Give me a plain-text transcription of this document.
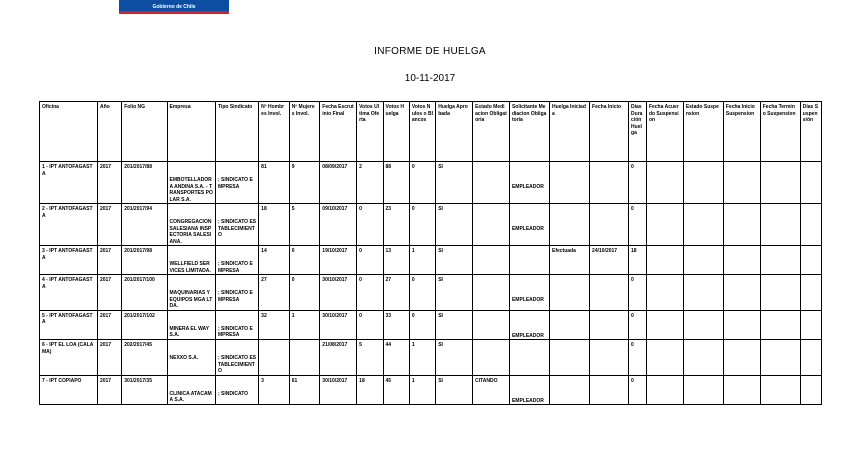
Gobierno de Chile
INFORME DE HUELGA
10-11-2017
Oficina	Año	Folio NG	Empresa	Tipo Sindicato	Nº Hombres Invol.	Nº Mujeres Invol.	Fecha Escrutinio Final	Votos Ultima Oferta	Votos Huelga	Votos Nulos o Blancos	Huelga Aprobada	Estado Mediacion Obligatoria	Solicitante Mediacion Obligatoria	Huelga Iniciada	Fecha Inicio	Días Duración Huelga	Fecha Acuerdo Suspension	Estado Suspension	Fecha Inicio Suspension	Fecha Termino Suspension	Días Suspensión

1 - IPT ANTOFAGASTA	2017	201/2017/88	EMBOTELLADORA ANDINA S.A. - TRANSPORTES POLAR S.A.	; SINDICATO EMPRESA	81	9	08/09/2017	2	88	0	SI		EMPLEADOR			0					

2 - IPT ANTOFAGASTA	2017	201/2017/94	CONGREGACION SALESIANA INSPECTORIA SALESIANA.	; SINDICATO ESTABLECIMIENTO	18	5	09/10/2017	0	23	0	SI		EMPLEADOR			0					

3 - IPT ANTOFAGASTA	2017	201/2017/98	WELLFIELD SERVICES LIMITADA.	; SINDICATO EMPRESA	14	0	19/10/2017	0	13	1	SI			Efectuada	24/10/2017	18					

4 - IPT ANTOFAGASTA	2017	201/2017/100	MAQUINARIAS Y EQUIPOS MGA LTDA.	; SINDICATO EMPRESA	27	0	30/10/2017	0	27	0	SI		EMPLEADOR			0					

5 - IPT ANTOFAGASTA	2017	201/2017/102	MINERA EL WAY S.A.	; SINDICATO EMPRESA	32	1	30/10/2017	0	33	0	SI		EMPLEADOR			0					

6 - IPT EL LOA (CALAMA)	2017	202/2017/45	NEXXO S.A.	; SINDICATO ESTABLECIMIENTO			21/08/2017	5	44	1	SI					0					

7 - IPT COPIAPO	2017	301/2017/35	CLINICA ATACAMA S.A.	; SINDICATO	3	61	30/10/2017	18	45	1	SI	CITANDO	EMPLEADOR			0					
